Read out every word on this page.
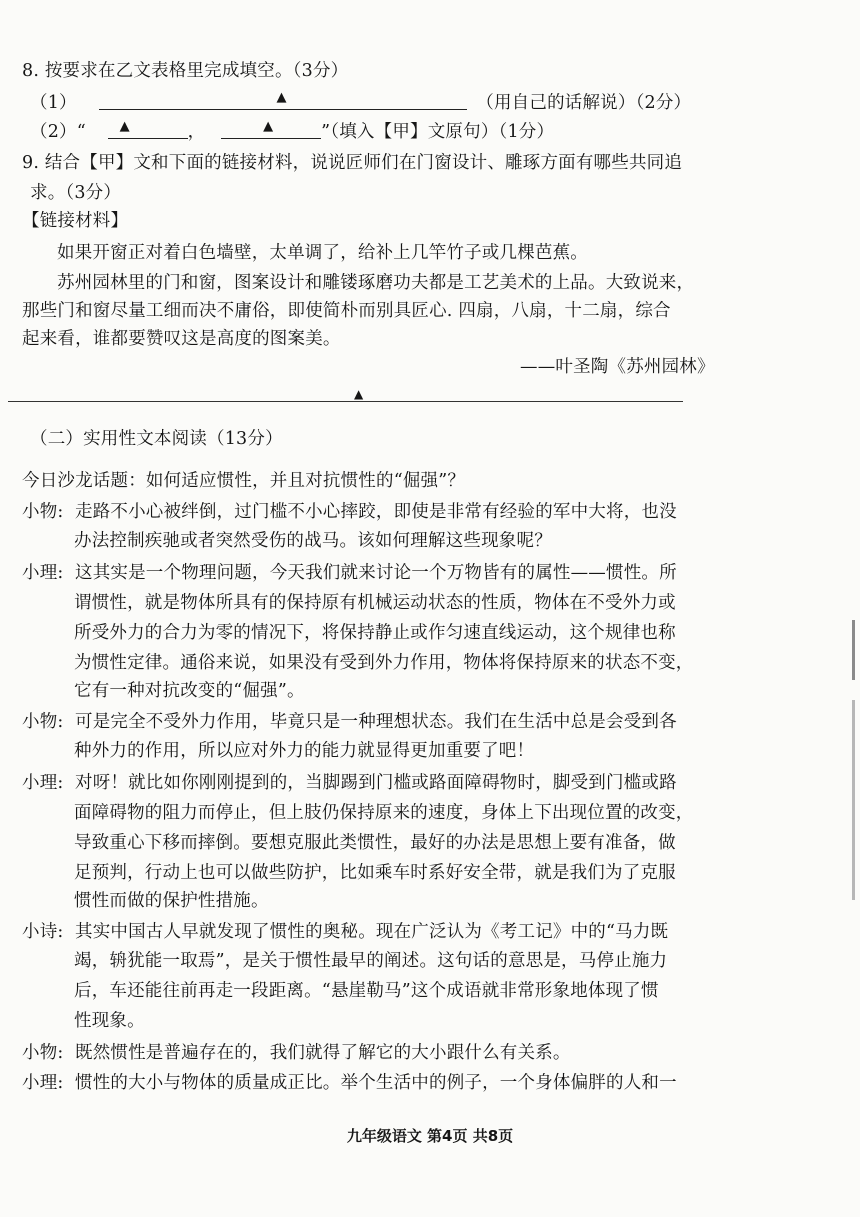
8. 按要求在乙文表格里完成填空。（3分）
（1）	▲	（用自己的话解说）（2分）
（2）“	▲	，	▲	”（填入【甲】文原句）（1分）
9. 结合【甲】文和下面的链接材料，说说匠师们在门窗设计、雕琢方面有哪些共同追
求。（3分）
【链接材料】
如果开窗正对着白色墙壁，太单调了，给补上几竿竹子或几棵芭蕉。
苏州园林里的门和窗，图案设计和雕镂琢磨功夫都是工艺美术的上品。大致说来，
那些门和窗尽量工细而决不庸俗，即使简朴而别具匠心. 四扇，八扇，十二扇，综合
起来看，谁都要赞叹这是高度的图案美。
——叶圣陶《苏州园林》
▲
（二）实用性文本阅读（13分）
今日沙龙话题：如何适应惯性，并且对抗惯性的“倔强”？
小物: 走路不小心被绊倒，过门槛不小心摔跤，即使是非常有经验的军中大将，也没
办法控制疾驰或者突然受伤的战马。该如何理解这些现象呢？
小理: 这其实是一个物理问题，今天我们就来讨论一个万物皆有的属性——惯性。所
谓惯性，就是物体所具有的保持原有机械运动状态的性质，物体在不受外力或
所受外力的合力为零的情况下，将保持静止或作匀速直线运动，这个规律也称
为惯性定律。通俗来说，如果没有受到外力作用，物体将保持原来的状态不变，
它有一种对抗改变的“倔强”。
小物: 可是完全不受外力作用，毕竟只是一种理想状态。我们在生活中总是会受到各
种外力的作用，所以应对外力的能力就显得更加重要了吧！
小理: 对呀！就比如你刚刚提到的，当脚踢到门槛或路面障碍物时，脚受到门槛或路
面障碍物的阻力而停止，但上肢仍保持原来的速度，身体上下出现位置的改变，
导致重心下移而摔倒。要想克服此类惯性，最好的办法是思想上要有准备，做
足预判，行动上也可以做些防护，比如乘车时系好安全带，就是我们为了克服
惯性而做的保护性措施。
小诗: 其实中国古人早就发现了惯性的奥秘。现在广泛认为《考工记》中的“马力既
竭，辀犹能一取焉”，是关于惯性最早的阐述。这句话的意思是，马停止施力
后，车还能往前再走一段距离。“悬崖勒马”这个成语就非常形象地体现了惯
性现象。
小物: 既然惯性是普遍存在的，我们就得了解它的大小跟什么有关系。
小理: 惯性的大小与物体的质量成正比。举个生活中的例子，一个身体偏胖的人和一
九年级语文 第4页 共8页
